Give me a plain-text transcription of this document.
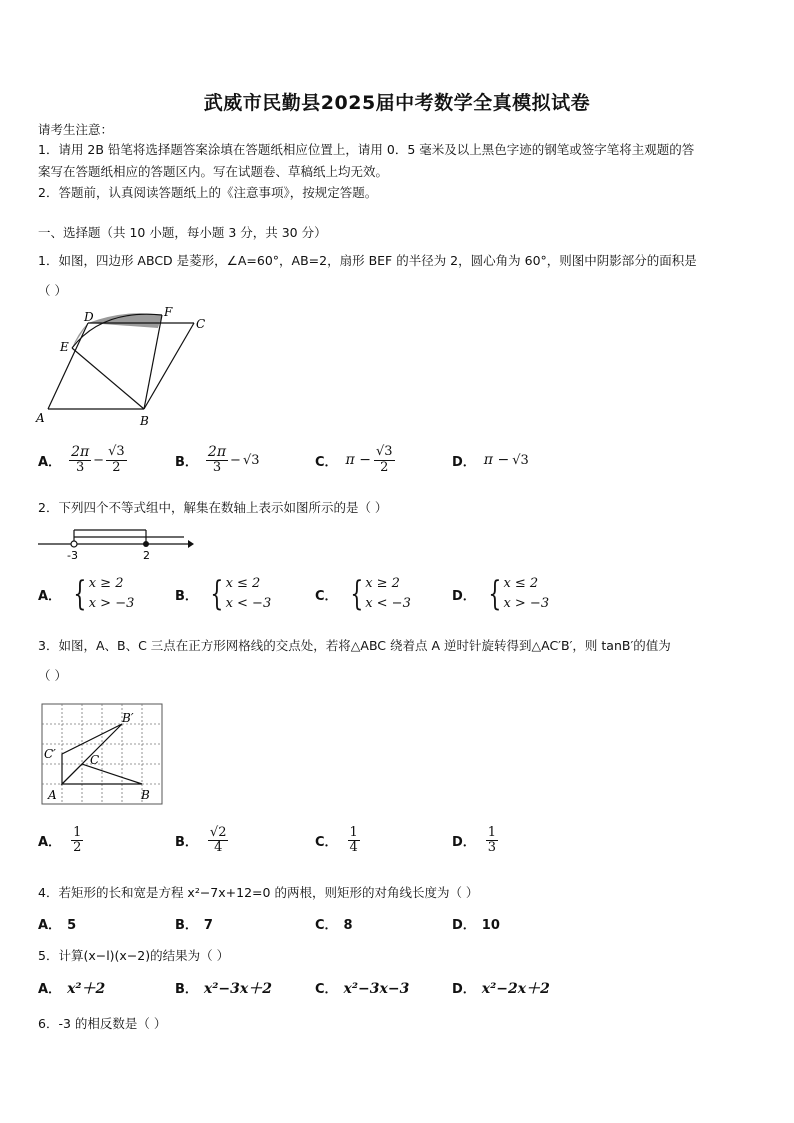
武威市民勤县2025届中考数学全真模拟试卷
请考生注意：
1．请用 2B 铅笔将选择题答案涂填在答题纸相应位置上，请用 0．5 毫米及以上黑色字迹的钢笔或签字笔将主观题的答
案写在答题纸相应的答题区内。写在试题卷、草稿纸上均无效。
2．答题前，认真阅读答题纸上的《注意事项》，按规定答题。
一、选择题（共 10 小题，每小题 3 分，共 30 分）
1．如图，四边形 ABCD 是菱形，∠A=60°，AB=2，扇形 BEF 的半径为 2，圆心角为 60°，则图中阴影部分的面积是
（ ）
A	B
C
D
E
F
A． $\frac{2\pi}{3} - \frac{√3}{2}$	B． $\frac{2\pi}{3} - √3$	C． $\pi - \frac{√3}{2}$	D． π − √3
2．下列四个不等式组中，解集在数轴上表示如图所示的是（ ）
-3	2
A． { x ≥ 2
x > −3	B． { x ≤ 2
x < −3	C． { x ≥ 2
x < −3	D． { x ≤ 2
x > −3
3．如图，A、B、C 三点在正方形网格线的交点处，若将△ABC 绕着点 A 逆时针旋转得到△AC′B′，则 tanB′的值为
（ ）
A	B
C
B′
C′
A． $\frac{1}{2}$	B． $\frac{√2}{4}$	C． $\frac{1}{4}$	D． $\frac{1}{3}$
4．若矩形的长和宽是方程 x²−7x+12=0 的两根，则矩形的对角线长度为（ ）
A． 5	B． 7	C． 8	D． 10
5．计算(x−l)(x−2)的结果为（ ）
A． x²＋2	B． x²−3x＋2	C． x²−3x−3	D． x²−2x＋2
6．-3 的相反数是（ ）
